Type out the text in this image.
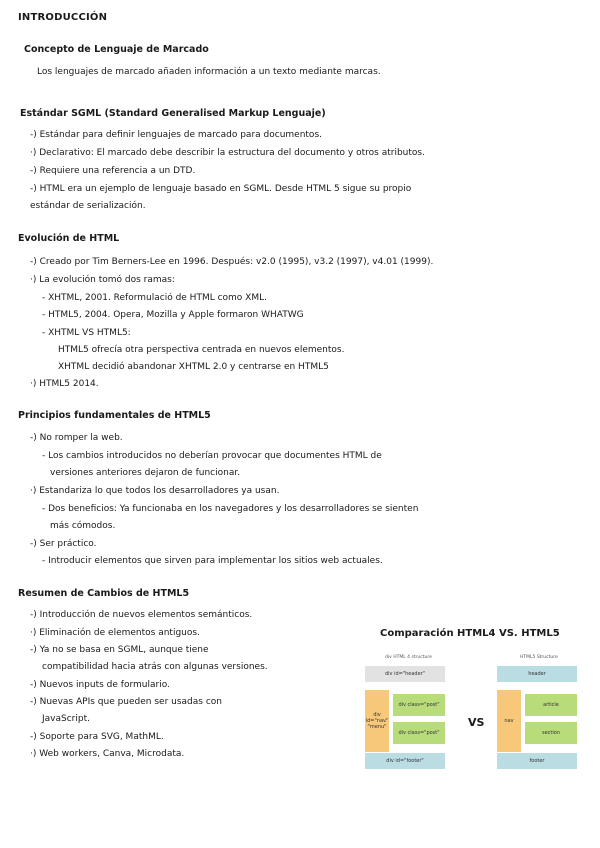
INTRODUCCIÓN
Concepto de Lenguaje de Marcado
Los lenguajes de marcado añaden información a un texto mediante marcas.
Estándar SGML (Standard Generalised Markup Lenguaje)
-) Estándar para definir lenguajes de marcado para documentos.
·) Declarativo: El marcado debe describir la estructura del documento y otros atributos.
-) Requiere una referencia a un DTD.
-) HTML era un ejemplo de lenguaje basado en SGML. Desde HTML 5 sigue su propio
estándar de serialización.
Evolución de HTML
-) Creado por Tim Berners-Lee en 1996. Después: v2.0 (1995), v3.2 (1997), v4.01 (1999).
·) La evolución tomó dos ramas:
- XHTML, 2001. Reformulació de HTML como XML.
- HTML5, 2004. Opera, Mozilla y Apple formaron WHATWG
- XHTML VS HTML5:
HTML5 ofrecía otra perspectiva centrada en nuevos elementos.
XHTML decidió abandonar XHTML 2.0 y centrarse en HTML5
·) HTML5 2014.
Principios fundamentales de HTML5
-) No romper la web.
- Los cambios introducidos no deberían provocar que documentes HTML de
versiones anteriores dejaron de funcionar.
·) Estandariza lo que todos los desarrolladores ya usan.
- Dos beneficios: Ya funcionaba en los navegadores y los desarrolladores se sienten
más cómodos.
-) Ser práctico.
- Introducir elementos que sirven para implementar los sitios web actuales.
Resumen de Cambios de HTML5
-) Introducción de nuevos elementos semánticos.
·) Eliminación de elementos antiguos.
-) Ya no se basa en SGML, aunque tiene
compatibilidad hacia atrás con algunas versiones.
-) Nuevos inputs de formulario.
-) Nuevas APIs que pueden ser usadas con
JavaScript.
-) Soporte para SVG, MathML.
·) Web workers, Canva, Microdata.
Comparación HTML4 VS. HTML5
div HTML 4 structure
div id="header"
div id="nav" "menu"
div class="post"
div class="post"
div id="footer"
VS
HTML5 Structure
header
nav
article
section
footer
